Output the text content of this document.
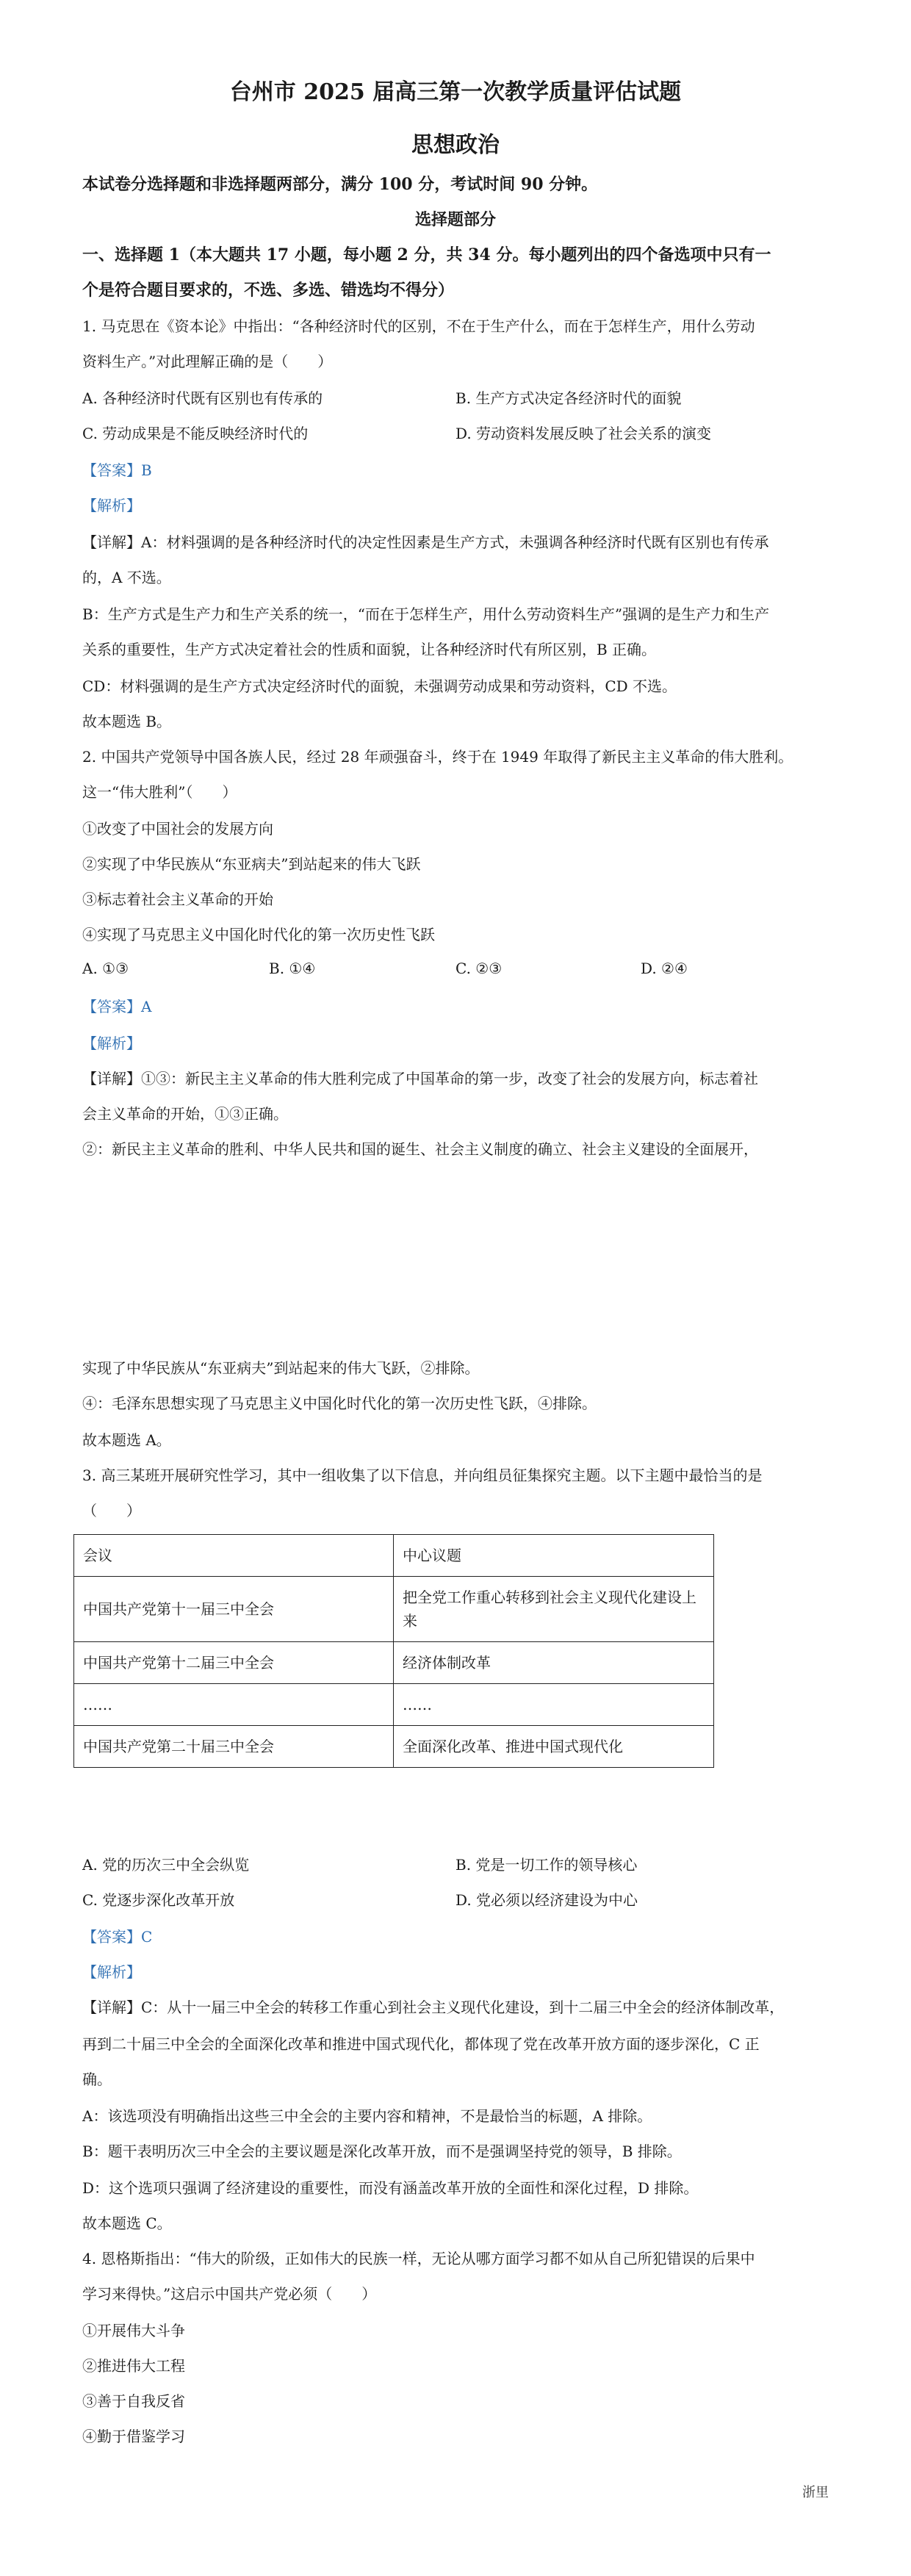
台州市 2025 届高三第一次教学质量评估试题
思想政治
本试卷分选择题和非选择题两部分，满分 100 分，考试时间 90 分钟。
选择题部分
一、选择题 1（本大题共 17 小题，每小题 2 分，共 34 分。每小题列出的四个备选项中只有一
个是符合题目要求的，不选、多选、错选均不得分）
1. 马克思在《资本论》中指出：“各种经济时代的区别，不在于生产什么，而在于怎样生产，用什么劳动
资料生产。”对此理解正确的是（　　）
A. 各种经济时代既有区别也有传承的	B. 生产方式决定各经济时代的面貌
C. 劳动成果是不能反映经济时代的	D. 劳动资料发展反映了社会关系的演变
【答案】B
【解析】
【详解】A：材料强调的是各种经济时代的决定性因素是生产方式，未强调各种经济时代既有区别也有传承
的，A 不选。
B：生产方式是生产力和生产关系的统一，“而在于怎样生产，用什么劳动资料生产”强调的是生产力和生产
关系的重要性，生产方式决定着社会的性质和面貌，让各种经济时代有所区别，B 正确。
CD：材料强调的是生产方式决定经济时代的面貌，未强调劳动成果和劳动资料，CD 不选。
故本题选 B。
2. 中国共产党领导中国各族人民，经过 28 年顽强奋斗，终于在 1949 年取得了新民主主义革命的伟大胜利。
这一“伟大胜利”（　　）
①改变了中国社会的发展方向
②实现了中华民族从“东亚病夫”到站起来的伟大飞跃
③标志着社会主义革命的开始
④实现了马克思主义中国化时代化的第一次历史性飞跃
A. ①③	B. ①④	C. ②③	D. ②④
【答案】A
【解析】
【详解】①③：新民主主义革命的伟大胜利完成了中国革命的第一步，改变了社会的发展方向，标志着社
会主义革命的开始，①③正确。
②：新民主主义革命的胜利、中华人民共和国的诞生、社会主义制度的确立、社会主义建设的全面展开，
实现了中华民族从“东亚病夫”到站起来的伟大飞跃，②排除。
④：毛泽东思想实现了马克思主义中国化时代化的第一次历史性飞跃，④排除。
故本题选 A。
3. 高三某班开展研究性学习，其中一组收集了以下信息，并向组员征集探究主题。以下主题中最恰当的是
（　　）
会议	中心议题
中国共产党第十一届三中全会	把全党工作重心转移到社会主义现代化建设上来
中国共产党第十二届三中全会	经济体制改革
……	……
中国共产党第二十届三中全会	全面深化改革、推进中国式现代化
A. 党的历次三中全会纵览	B. 党是一切工作的领导核心
C. 党逐步深化改革开放	D. 党必须以经济建设为中心
【答案】C
【解析】
【详解】C：从十一届三中全会的转移工作重心到社会主义现代化建设，到十二届三中全会的经济体制改革，
再到二十届三中全会的全面深化改革和推进中国式现代化，都体现了党在改革开放方面的逐步深化，C 正
确。
A：该选项没有明确指出这些三中全会的主要内容和精神，不是最恰当的标题，A 排除。
B：题干表明历次三中全会的主要议题是深化改革开放，而不是强调坚持党的领导，B 排除。
D：这个选项只强调了经济建设的重要性，而没有涵盖改革开放的全面性和深化过程，D 排除。
故本题选 C。
4. 恩格斯指出：“伟大的阶级，正如伟大的民族一样，无论从哪方面学习都不如从自己所犯错误的后果中
学习来得快。”这启示中国共产党必须（　　）
①开展伟大斗争
②推进伟大工程
③善于自我反省
④勤于借鉴学习
浙里
